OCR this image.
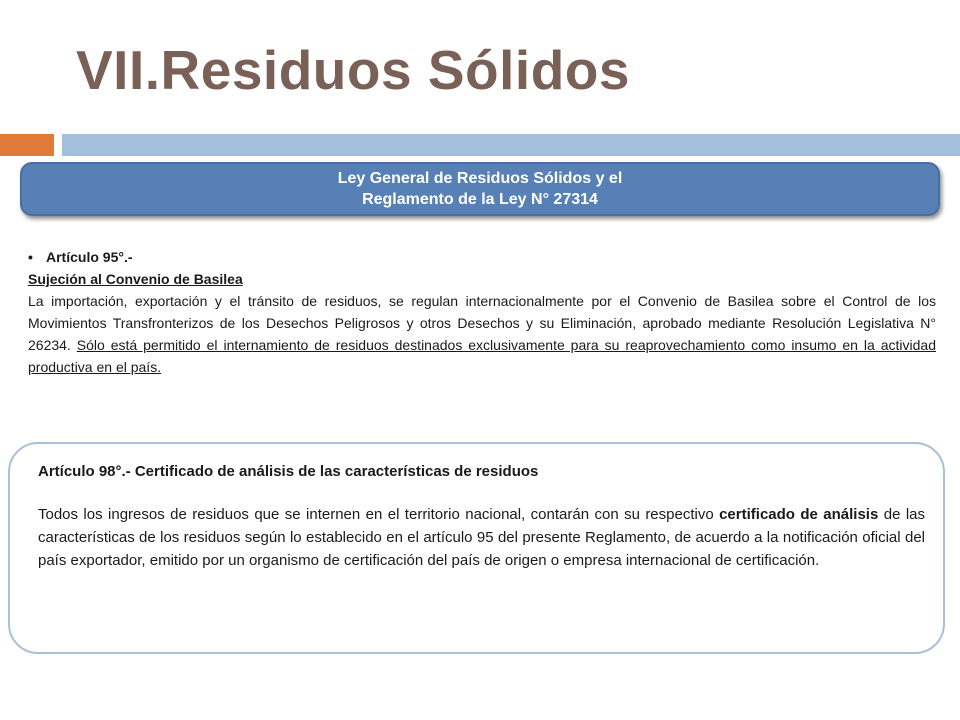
VII.Residuos Sólidos
Ley General de Residuos Sólidos y el
Reglamento de la Ley N° 27314
• Artículo 95°.-
Sujeción al Convenio de Basilea

La importación, exportación y el tránsito de residuos, se regulan internacionalmente por el Convenio de Basilea sobre el Control de los Movimientos Transfronterizos de los Desechos Peligrosos y otros Desechos y su Eliminación, aprobado mediante Resolución Legislativa N° 26234. Sólo está permitido el internamiento de residuos destinados exclusivamente para su reaprovechamiento como insumo en la actividad productiva en el país.

Artículo 98°.- Certificado de análisis de las características de residuos

Todos los ingresos de residuos que se internen en el territorio nacional, contarán con su respectivo certificado de análisis de las características de los residuos según lo establecido en el artículo 95 del presente Reglamento, de acuerdo a la notificación oficial del país exportador, emitido por un organismo de certificación del país de origen o empresa internacional de certificación.
